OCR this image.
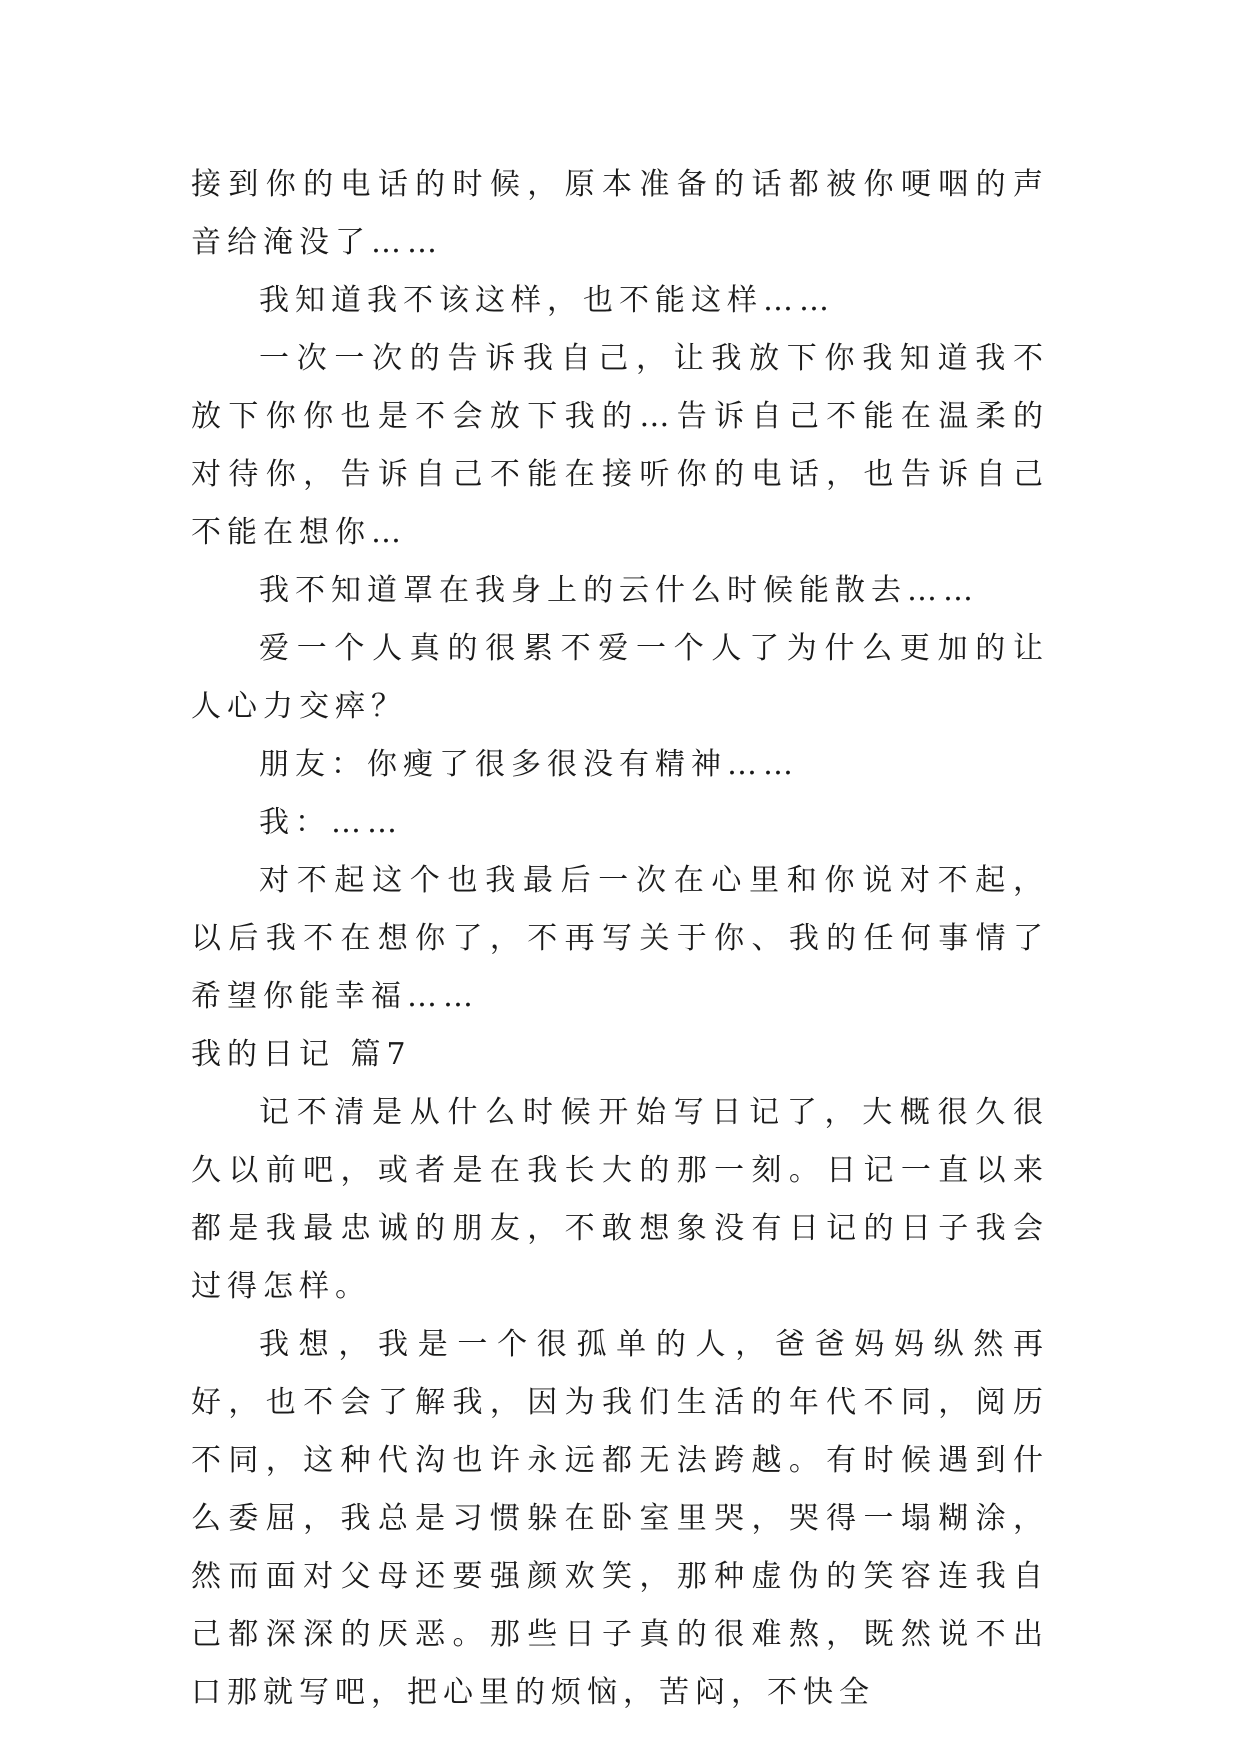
接到你的电话的时候，原本准备的话都被你哽咽的声音给淹没了……

我知道我不该这样，也不能这样……

一次一次的告诉我自己，让我放下你我知道我不放下你你也是不会放下我的…告诉自己不能在温柔的对待你，告诉自己不能在接听你的电话，也告诉自己不能在想你…

我不知道罩在我身上的云什么时候能散去……

爱一个人真的很累不爱一个人了为什么更加的让人心力交瘁？

朋友：你瘦了很多很没有精神……

我：……

对不起这个也我最后一次在心里和你说对不起，以后我不在想你了，不再写关于你、我的任何事情了希望你能幸福……

我的日记 篇7

记不清是从什么时候开始写日记了，大概很久很久以前吧，或者是在我长大的那一刻。日记一直以来都是我最忠诚的朋友，不敢想象没有日记的日子我会过得怎样。

我想，我是一个很孤单的人，爸爸妈妈纵然再好，也不会了解我，因为我们生活的年代不同，阅历不同，这种代沟也许永远都无法跨越。有时候遇到什么委屈，我总是习惯躲在卧室里哭，哭得一塌糊涂，然而面对父母还要强颜欢笑，那种虚伪的笑容连我自己都深深的厌恶。那些日子真的很难熬，既然说不出口那就写吧，把心里的烦恼，苦闷，不快全
